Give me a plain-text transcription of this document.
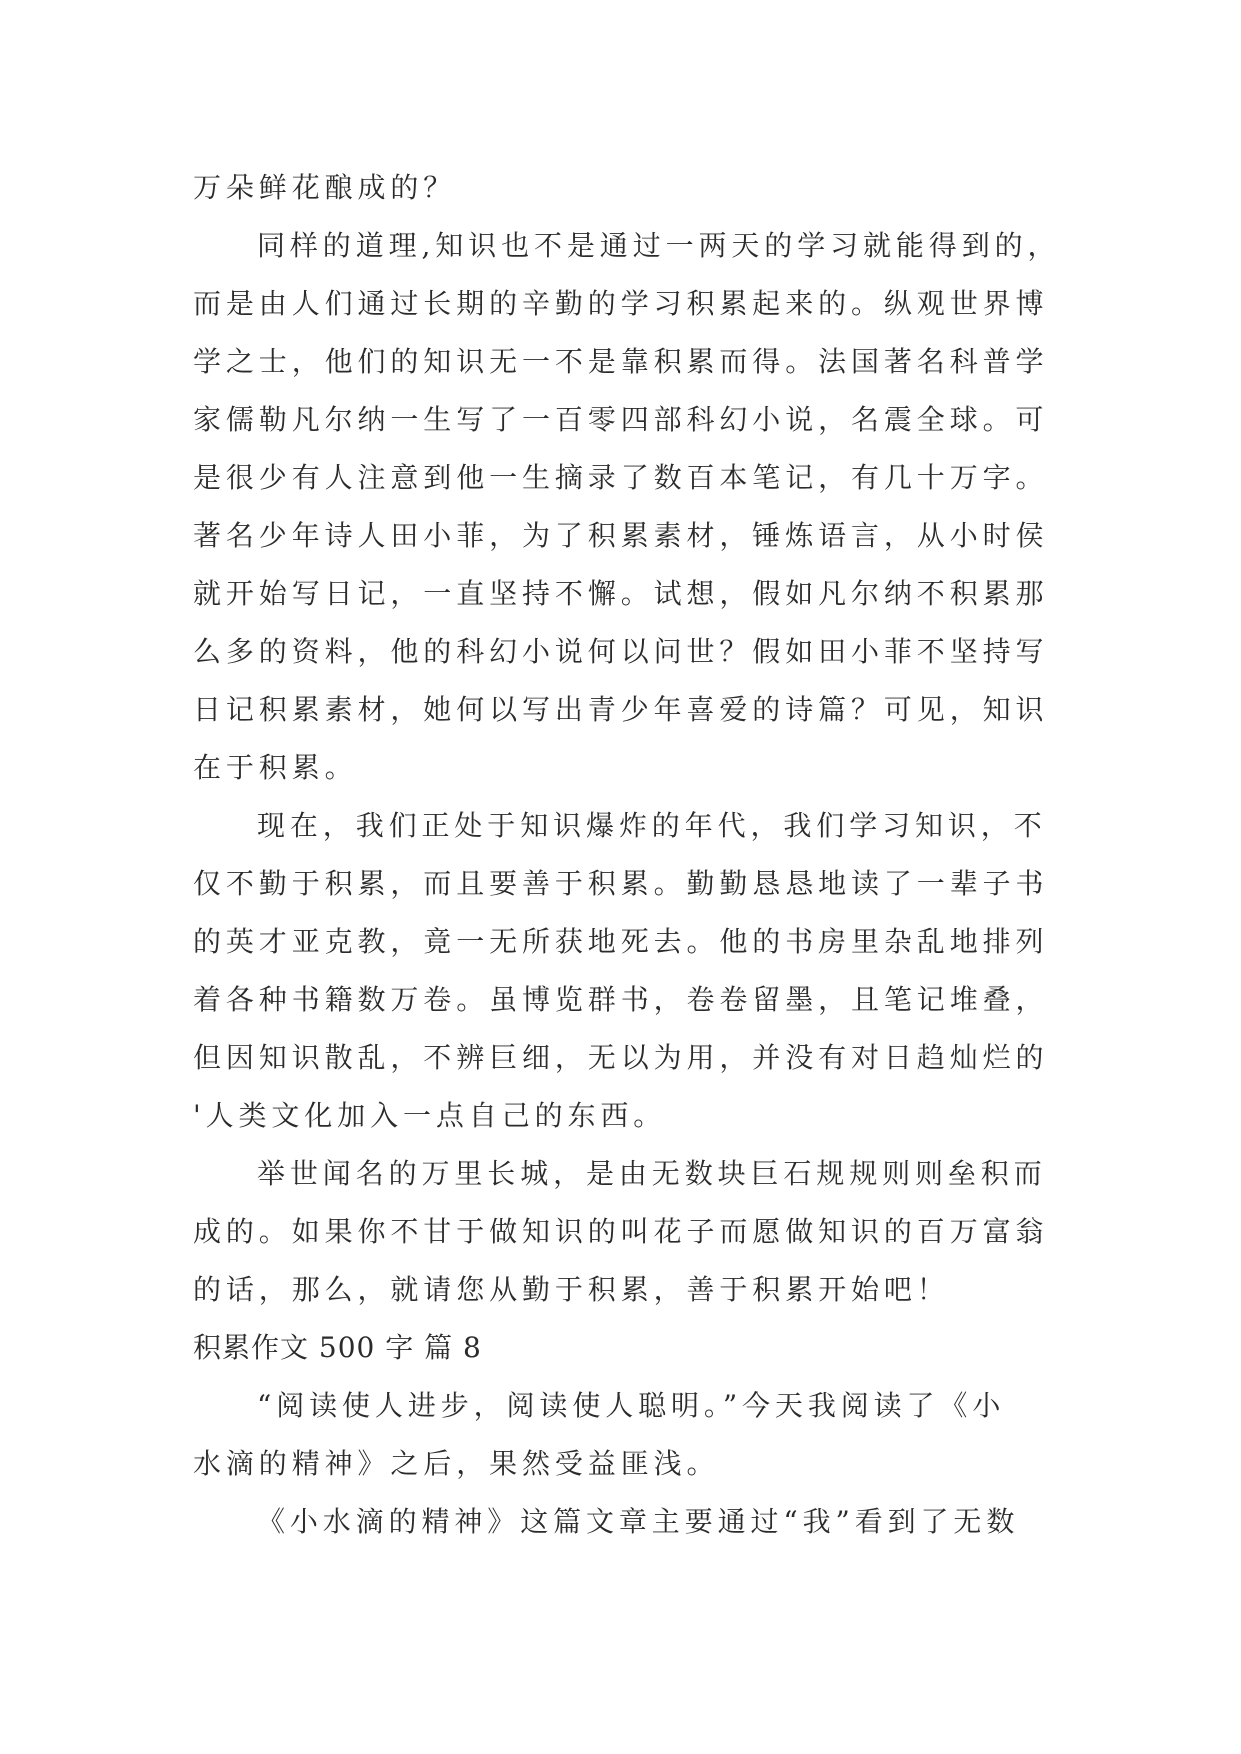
万朵鲜花酿成的？
同样的道理,知识也不是通过一两天的学习就能得到的，
而是由人们通过长期的辛勤的学习积累起来的。纵观世界博
学之士，他们的知识无一不是靠积累而得。法国著名科普学
家儒勒凡尔纳一生写了一百零四部科幻小说，名震全球。可
是很少有人注意到他一生摘录了数百本笔记，有几十万字。
著名少年诗人田小菲，为了积累素材，锤炼语言，从小时侯
就开始写日记，一直坚持不懈。试想，假如凡尔纳不积累那
么多的资料，他的科幻小说何以问世？假如田小菲不坚持写
日记积累素材，她何以写出青少年喜爱的诗篇？可见，知识
在于积累。
现在，我们正处于知识爆炸的年代，我们学习知识，不
仅不勤于积累，而且要善于积累。勤勤恳恳地读了一辈子书
的英才亚克教，竟一无所获地死去。他的书房里杂乱地排列
着各种书籍数万卷。虽博览群书，卷卷留墨，且笔记堆叠，
但因知识散乱，不辨巨细，无以为用，并没有对日趋灿烂的
'人类文化加入一点自己的东西。
举世闻名的万里长城，是由无数块巨石规规则则垒积而
成的。如果你不甘于做知识的叫花子而愿做知识的百万富翁
的话，那么，就请您从勤于积累，善于积累开始吧！
积累作文 500 字 篇 8
“阅读使人进步，阅读使人聪明。”今天我阅读了《小
水滴的精神》之后，果然受益匪浅。
《小水滴的精神》这篇文章主要通过“我”看到了无数
